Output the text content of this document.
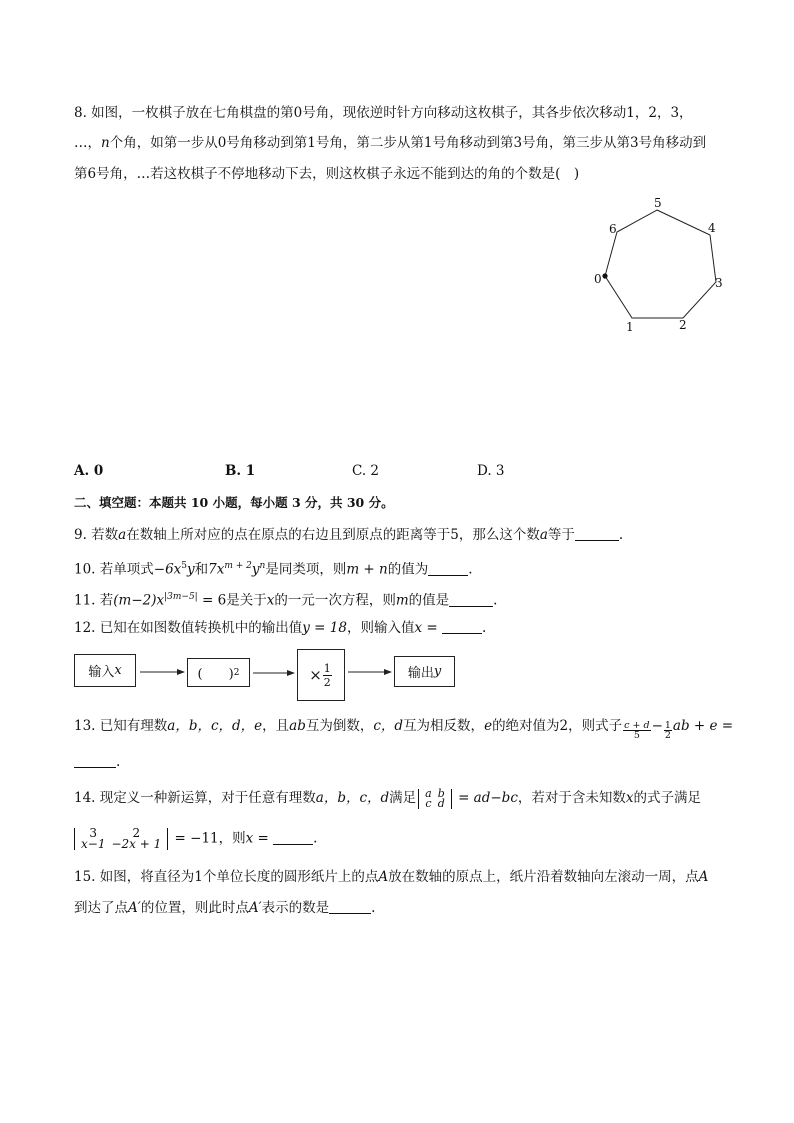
8. 如图，一枚棋子放在七角棋盘的第0号角，现依逆时针方向移动这枚棋子，其各步依次移动1，2，3，
…，n个角，如第一步从0号角移动到第1号角，第二步从第1号角移动到第3号角，第三步从第3号角移动到
第6号角，…若这枚棋子不停地移动下去，则这枚棋子永远不能到达的角的个数是(　)
0
1	2
3
4
5
6
A. 0	B. 1	C. 2	D. 3
二、填空题：本题共 10 小题，每小题 3 分，共 30 分。
9. 若数a在数轴上所对应的点在原点的右边且到原点的距离等于5，那么这个数a等于	.
10. 若单项式$-6x^5y$和$7x^{m + 2}y^n$是同类项，则m + n的值为	.
11. 若$(m-2)x^{|3m-5|} = 6$是关于x的一元一次方程，则m的值是	.
12. 已知在如图数值转换机中的输出值y = 18，则输入值x =	.
输入 x	(　　) 2	× $\frac{1}{2}$	输出 y
13. 已知有理数a，b，c，d，e，且ab互为倒数，c，d互为相反数，e的绝对值为2，则式子 $\frac{c + d}{5} - \frac{1}{2}$ ab + e =
.
14. 现定义一种新运算，对于任意有理数a，b，c，d满足 a	b
c	d = ad−bc，若对于含未知数x的式子满足
3	2
x−1	−2x + 1 = −11，则x =	.
15. 如图，将直径为1个单位长度的圆形纸片上的点A放在数轴的原点上，纸片沿着数轴向左滚动一周，点A
到达了点A′的位置，则此时点A′表示的数是	.
